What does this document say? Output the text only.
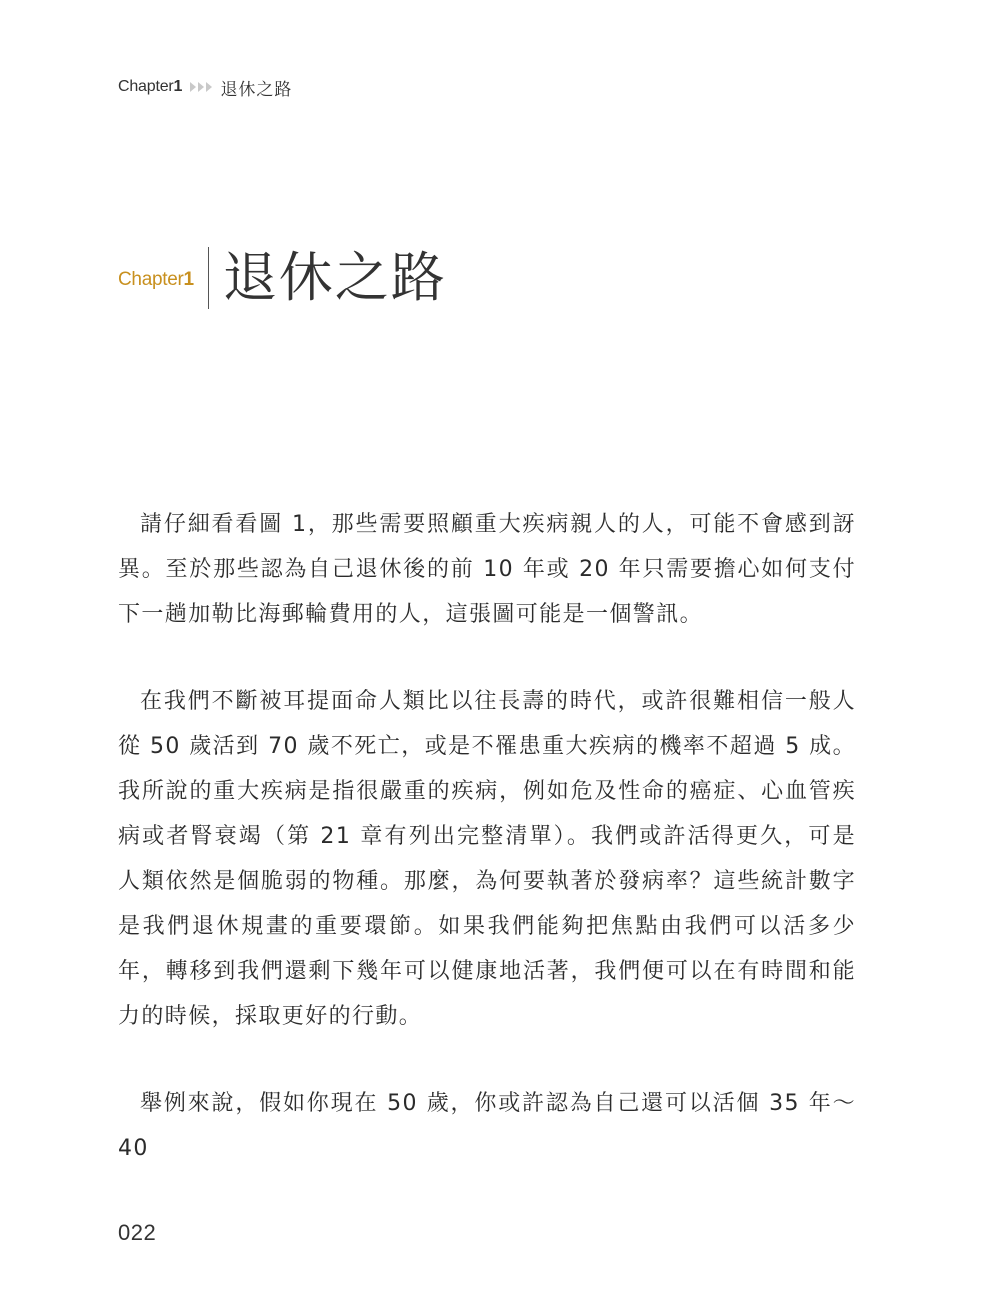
Chapter 1 退休之路
Chapter1 退休之路

請仔細看看圖 1，那些需要照顧重大疾病親人的人，可能不會感到訝異。至於那些認為自己退休後的前 10 年或 20 年只需要擔心如何支付下一趟加勒比海郵輪費用的人，這張圖可能是一個警訊。

在我們不斷被耳提面命人類比以往長壽的時代，或許很難相信一般人從 50 歲活到 70 歲不死亡，或是不罹患重大疾病的機率不超過 5 成。我所說的重大疾病是指很嚴重的疾病，例如危及性命的癌症、心血管疾病或者腎衰竭（第 21 章有列出完整清單）。我們或許活得更久，可是人類依然是個脆弱的物種。那麼，為何要執著於發病率？這些統計數字是我們退休規畫的重要環節。如果我們能夠把焦點由我們可以活多少年，轉移到我們還剩下幾年可以健康地活著，我們便可以在有時間和能力的時候，採取更好的行動。

舉例來說，假如你現在 50 歲，你或許認為自己還可以活個 35 年～ 40

022
